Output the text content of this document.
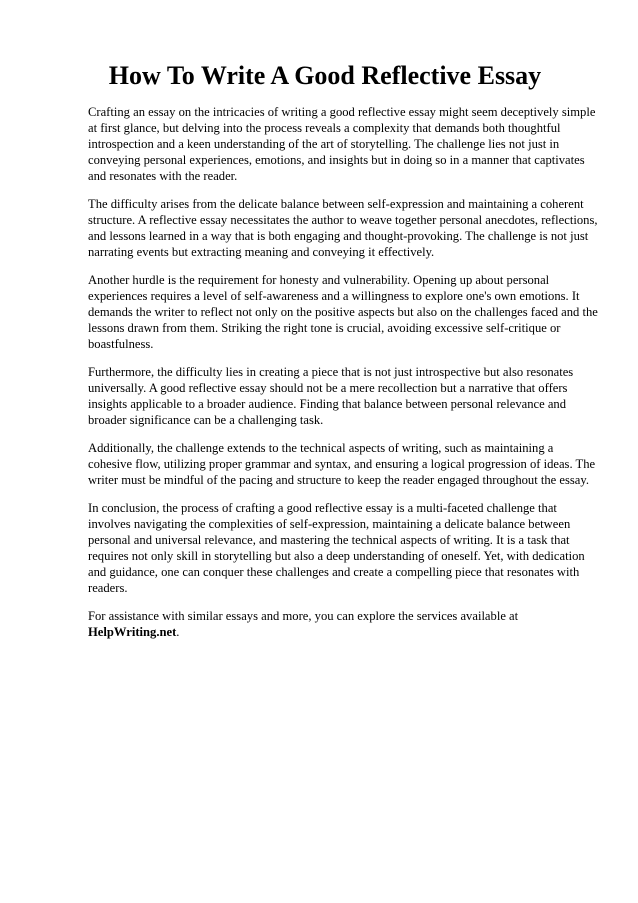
How To Write A Good Reflective Essay

Crafting an essay on the intricacies of writing a good reflective essay might seem deceptively simple at first glance, but delving into the process reveals a complexity that demands both thoughtful introspection and a keen understanding of the art of storytelling. The challenge lies not just in conveying personal experiences, emotions, and insights but in doing so in a manner that captivates and resonates with the reader.

The difficulty arises from the delicate balance between self-expression and maintaining a coherent structure. A reflective essay necessitates the author to weave together personal anecdotes, reflections, and lessons learned in a way that is both engaging and thought-provoking. The challenge is not just narrating events but extracting meaning and conveying it effectively.

Another hurdle is the requirement for honesty and vulnerability. Opening up about personal experiences requires a level of self-awareness and a willingness to explore one's own emotions. It demands the writer to reflect not only on the positive aspects but also on the challenges faced and the lessons drawn from them. Striking the right tone is crucial, avoiding excessive self-critique or boastfulness.

Furthermore, the difficulty lies in creating a piece that is not just introspective but also resonates universally. A good reflective essay should not be a mere recollection but a narrative that offers insights applicable to a broader audience. Finding that balance between personal relevance and broader significance can be a challenging task.

Additionally, the challenge extends to the technical aspects of writing, such as maintaining a cohesive flow, utilizing proper grammar and syntax, and ensuring a logical progression of ideas. The writer must be mindful of the pacing and structure to keep the reader engaged throughout the essay.

In conclusion, the process of crafting a good reflective essay is a multi-faceted challenge that involves navigating the complexities of self-expression, maintaining a delicate balance between personal and universal relevance, and mastering the technical aspects of writing. It is a task that requires not only skill in storytelling but also a deep understanding of oneself. Yet, with dedication and guidance, one can conquer these challenges and create a compelling piece that resonates with readers.

For assistance with similar essays and more, you can explore the services available at
HelpWriting.net.
